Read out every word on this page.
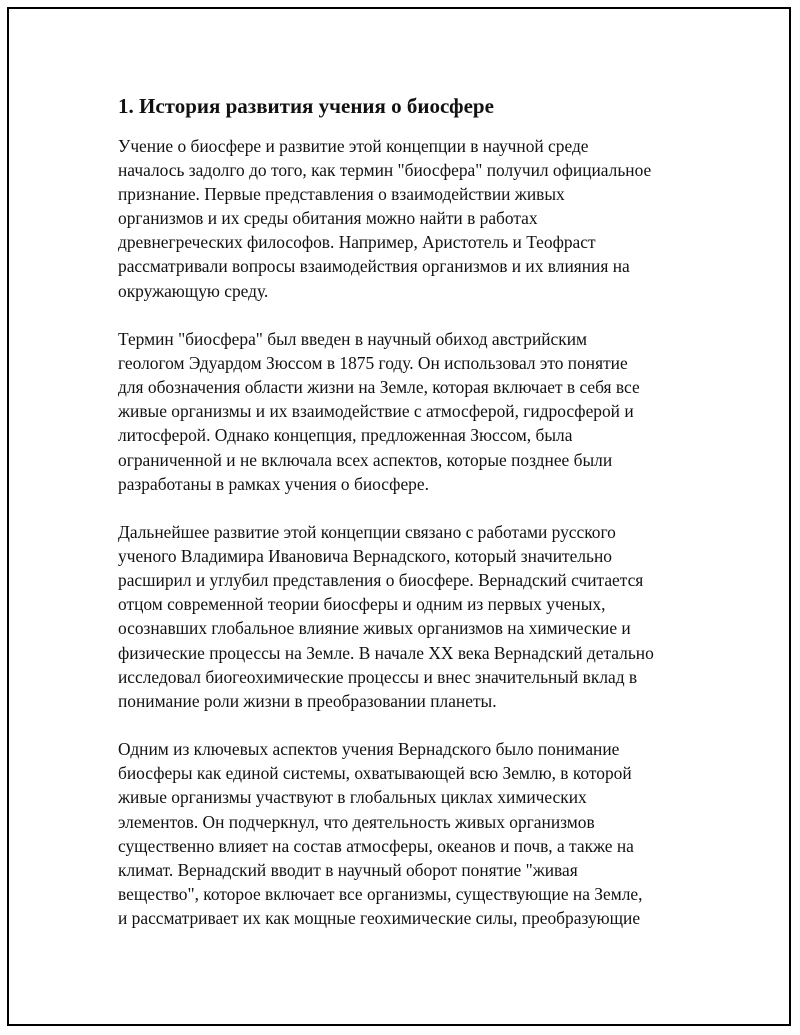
1. История развития учения о биосфере
Учение о биосфере и развитие этой концепции в научной среде
началось задолго до того, как термин "биосфера" получил официальное
признание. Первые представления о взаимодействии живых
организмов и их среды обитания можно найти в работах
древнегреческих философов. Например, Аристотель и Теофраст
рассматривали вопросы взаимодействия организмов и их влияния на
окружающую среду.
Термин "биосфера" был введен в научный обиход австрийским
геологом Эдуардом Зюссом в 1875 году. Он использовал это понятие
для обозначения области жизни на Земле, которая включает в себя все
живые организмы и их взаимодействие с атмосферой, гидросферой и
литосферой. Однако концепция, предложенная Зюссом, была
ограниченной и не включала всех аспектов, которые позднее были
разработаны в рамках учения о биосфере.
Дальнейшее развитие этой концепции связано с работами русского
ученого Владимира Ивановича Вернадского, который значительно
расширил и углубил представления о биосфере. Вернадский считается
отцом современной теории биосферы и одним из первых ученых,
осознавших глобальное влияние живых организмов на химические и
физические процессы на Земле. В начале XX века Вернадский детально
исследовал биогеохимические процессы и внес значительный вклад в
понимание роли жизни в преобразовании планеты.
Одним из ключевых аспектов учения Вернадского было понимание
биосферы как единой системы, охватывающей всю Землю, в которой
живые организмы участвуют в глобальных циклах химических
элементов. Он подчеркнул, что деятельность живых организмов
существенно влияет на состав атмосферы, океанов и почв, а также на
климат. Вернадский вводит в научный оборот понятие "живая
вещество", которое включает все организмы, существующие на Земле,
и рассматривает их как мощные геохимические силы, преобразующие
